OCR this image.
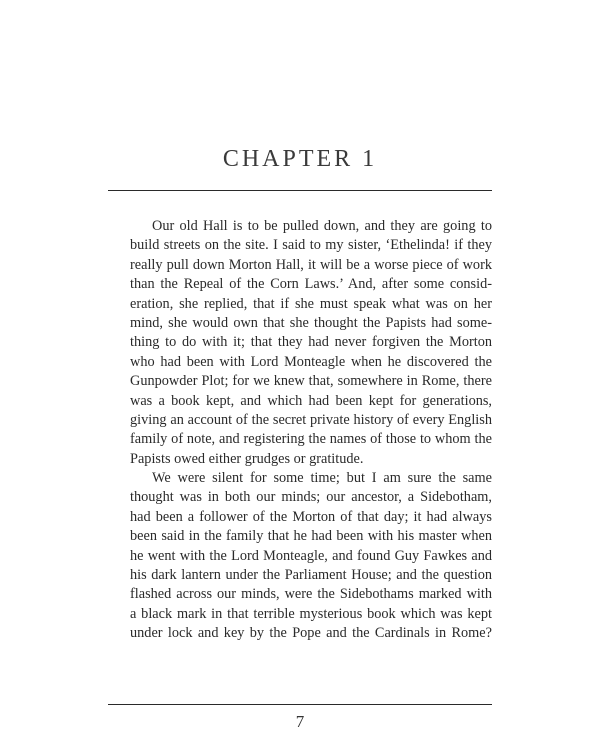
CHAPTER 1
Our old Hall is to be pulled down, and they are going to
build streets on the site. I said to my sister, ‘Ethelinda! if they
really pull down Morton Hall, it will be a worse piece of work
than the Repeal of the Corn Laws.’ And, after some consid-
eration, she replied, that if she must speak what was on her
mind, she would own that she thought the Papists had some-
thing to do with it; that they had never forgiven the Morton
who had been with Lord Monteagle when he discovered the
Gunpowder Plot; for we knew that, somewhere in Rome, there
was a book kept, and which had been kept for generations,
giving an account of the secret private history of every English
family of note, and registering the names of those to whom the
Papists owed either grudges or gratitude.
We were silent for some time; but I am sure the same
thought was in both our minds; our ancestor, a Sidebotham,
had been a follower of the Morton of that day; it had always
been said in the family that he had been with his master when
he went with the Lord Monteagle, and found Guy Fawkes and
his dark lantern under the Parliament House; and the question
flashed across our minds, were the Sidebothams marked with
a black mark in that terrible mysterious book which was kept
under lock and key by the Pope and the Cardinals in Rome?
7
